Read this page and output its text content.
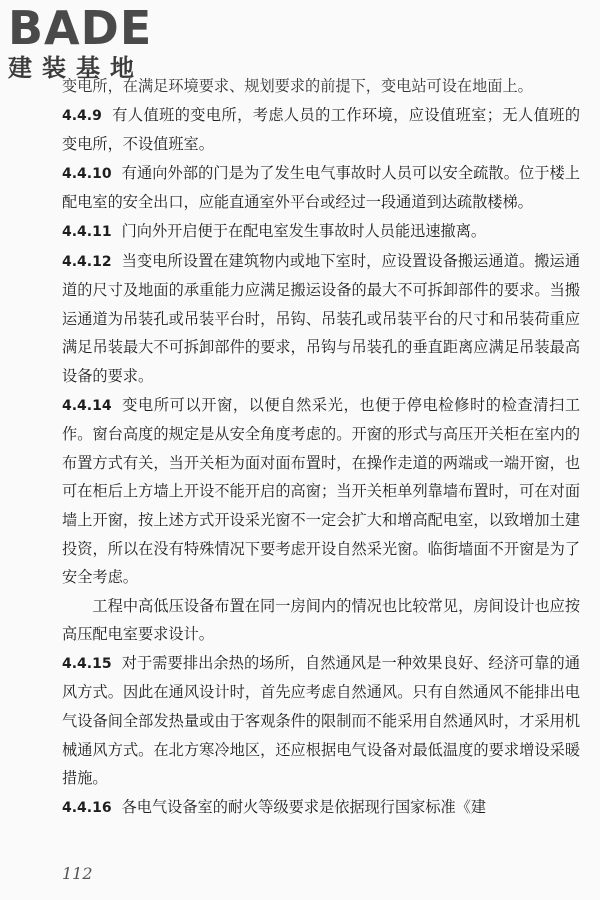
BADE
建装基地

变电所，在满足环境要求、规划要求的前提下，变电站可设在地面上。

4.4.9 有人值班的变电所，考虑人员的工作环境，应设值班室；无人值班的变电所，不设值班室。

4.4.10 有通向外部的门是为了发生电气事故时人员可以安全疏散。位于楼上配电室的安全出口，应能直通室外平台或经过一段通道到达疏散楼梯。

4.4.11 门向外开启便于在配电室发生事故时人员能迅速撤离。

4.4.12 当变电所设置在建筑物内或地下室时，应设置设备搬运通道。搬运通道的尺寸及地面的承重能力应满足搬运设备的最大不可拆卸部件的要求。当搬运通道为吊装孔或吊装平台时，吊钩、吊装孔或吊装平台的尺寸和吊装荷重应满足吊装最大不可拆卸部件的要求，吊钩与吊装孔的垂直距离应满足吊装最高设备的要求。

4.4.14 变电所可以开窗，以便自然采光，也便于停电检修时的检查清扫工作。窗台高度的规定是从安全角度考虑的。开窗的形式与高压开关柜在室内的布置方式有关，当开关柜为面对面布置时，在操作走道的两端或一端开窗，也可在柜后上方墙上开设不能开启的高窗；当开关柜单列靠墙布置时，可在对面墙上开窗，按上述方式开设采光窗不一定会扩大和增高配电室，以致增加土建投资，所以在没有特殊情况下要考虑开设自然采光窗。临街墙面不开窗是为了安全考虑。

工程中高低压设备布置在同一房间内的情况也比较常见，房间设计也应按高压配电室要求设计。

4.4.15 对于需要排出余热的场所，自然通风是一种效果良好、经济可靠的通风方式。因此在通风设计时，首先应考虑自然通风。只有自然通风不能排出电气设备间全部发热量或由于客观条件的限制而不能采用自然通风时，才采用机械通风方式。在北方寒冷地区，还应根据电气设备对最低温度的要求增设采暖措施。

4.4.16 各电气设备室的耐火等级要求是依据现行国家标准《建

112
